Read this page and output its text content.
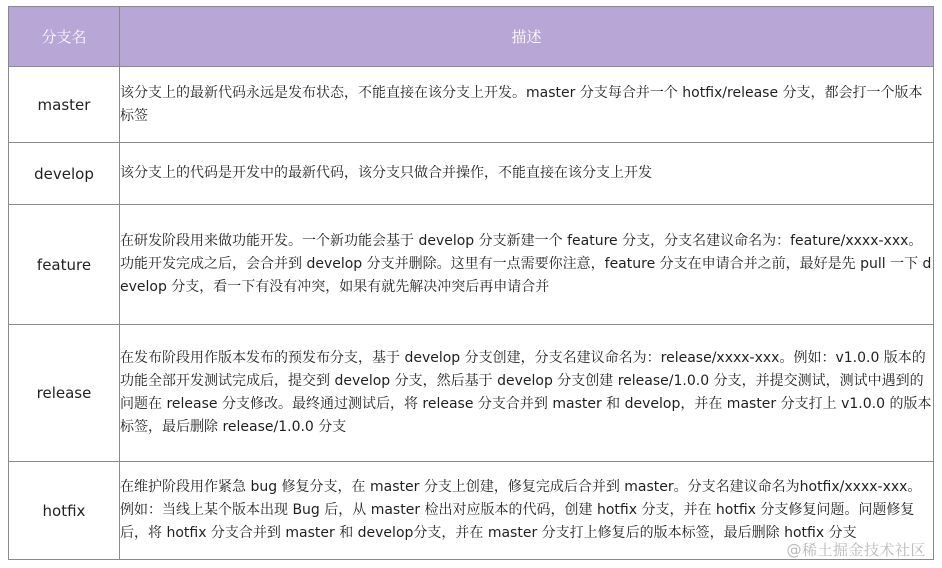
分支名	描述
master	该分支上的最新代码永远是发布状态，不能直接在该分支上开发。master 分支每合并一个 hotfix/release 分支，都会打一个版本标签
develop	该分支上的代码是开发中的最新代码，该分支只做合并操作，不能直接在该分支上开发
feature	在研发阶段用来做功能开发。一个新功能会基于 develop 分支新建一个 feature 分支，分支名建议命名为：feature/xxxx-xxx。功能开发完成之后，会合并到 develop 分支并删除。这里有一点需要你注意，feature 分支在申请合并之前，最好是先 pull 一下 develop 分支，看一下有没有冲突，如果有就先解决冲突后再申请合并
release	在发布阶段用作版本发布的预发布分支，基于 develop 分支创建，分支名建议命名为：release/xxxx-xxx。例如：v1.0.0 版本的功能全部开发测试完成后，提交到 develop 分支，然后基于 develop 分支创建 release/1.0.0 分支，并提交测试，测试中遇到的问题在 release 分支修改。最终通过测试后，将 release 分支合并到 master 和 develop，并在 master 分支打上 v1.0.0 的版本标签，最后删除 release/1.0.0 分支
hotfix	在维护阶段用作紧急 bug 修复分支，在 master 分支上创建，修复完成后合并到 master。分支名建议命名为hotfix/xxxx-xxx。例如：当线上某个版本出现 Bug 后，从 master 检出对应版本的代码，创建 hotfix 分支，并在 hotfix 分支修复问题。问题修复后，将 hotfix 分支合并到 master 和 develop分支，并在 master 分支打上修复后的版本标签，最后删除 hotfix 分支
@稀土掘金技术社区
